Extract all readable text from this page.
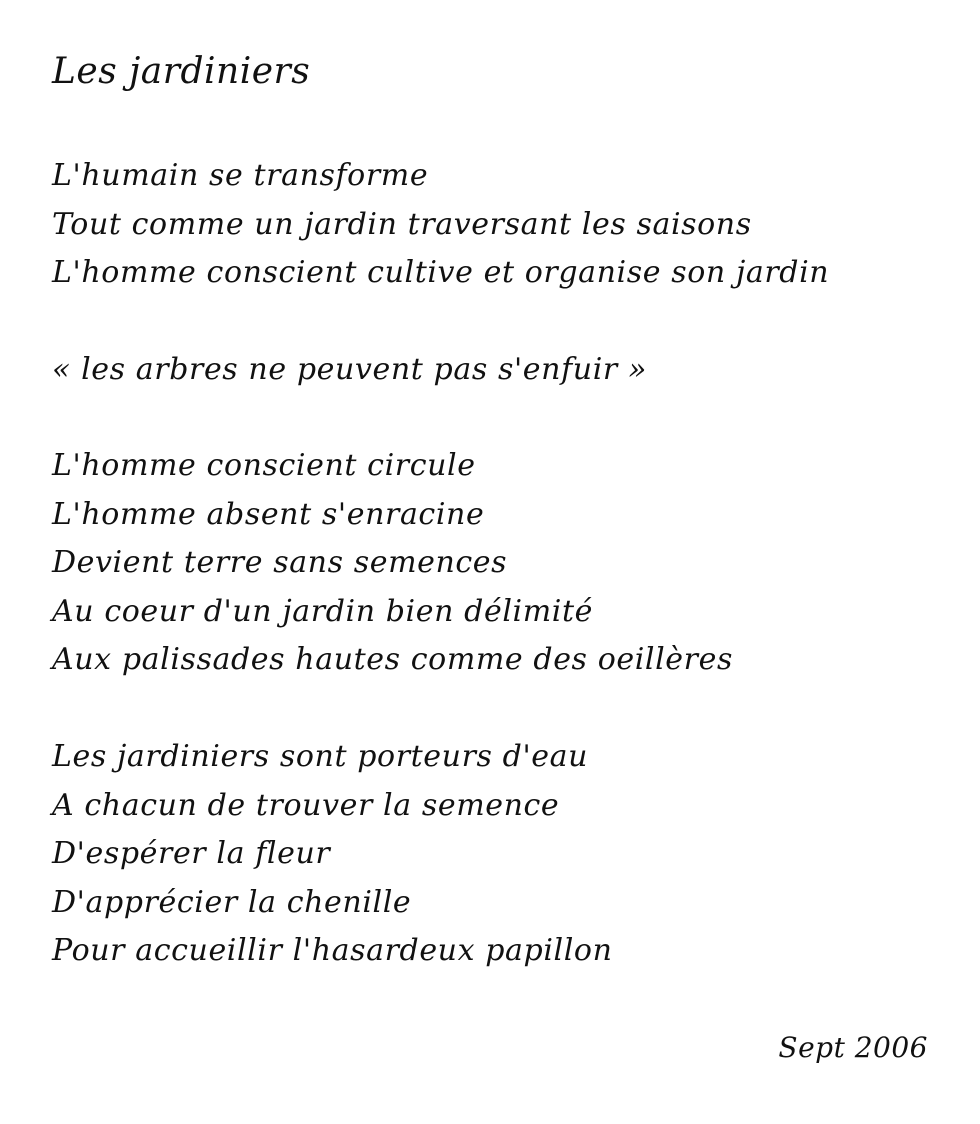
Les jardiniers
L'humain se transforme
Tout comme un jardin traversant les saisons
L'homme conscient cultive et organise son jardin
« les arbres ne peuvent pas s'enfuir »
L'homme conscient circule
L'homme absent s'enracine
Devient terre sans semences
Au coeur d'un jardin bien délimité
Aux palissades hautes comme des oeillères
Les jardiniers sont porteurs d'eau
A chacun de trouver la semence
D'espérer la fleur
D'apprécier la chenille
Pour accueillir l'hasardeux papillon
Sept 2006
